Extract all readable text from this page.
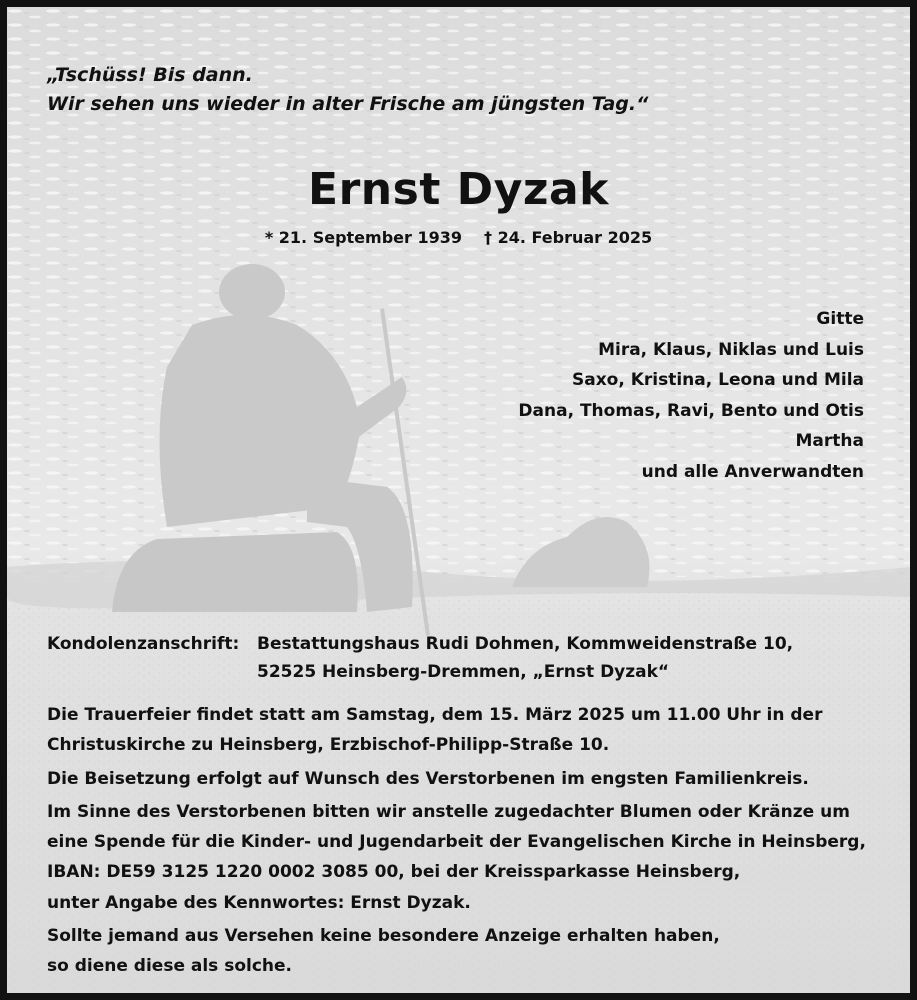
„Tschüss! Bis dann.
Wir sehen uns wieder in alter Frische am jüngsten Tag.“
Ernst Dyzak
* 21. September 1939 † 24. Februar 2025
Gitte
Mira, Klaus, Niklas und Luis
Saxo, Kristina, Leona und Mila
Dana, Thomas, Ravi, Bento und Otis
Martha
und alle Anverwandten
Kondolenzanschrift: Bestattungshaus Rudi Dohmen, Kommweidenstraße 10,
52525 Heinsberg-Dremmen, „Ernst Dyzak“
Die Trauerfeier findet statt am Samstag, dem 15. März 2025 um 11.00 Uhr in der
Christuskirche zu Heinsberg, Erzbischof-Philipp-Straße 10.
Die Beisetzung erfolgt auf Wunsch des Verstorbenen im engsten Familienkreis.
Im Sinne des Verstorbenen bitten wir anstelle zugedachter Blumen oder Kränze um
eine Spende für die Kinder- und Jugendarbeit der Evangelischen Kirche in Heinsberg,
IBAN: DE59 3125 1220 0002 3085 00, bei der Kreissparkasse Heinsberg,
unter Angabe des Kennwortes: Ernst Dyzak.
Sollte jemand aus Versehen keine besondere Anzeige erhalten haben,
so diene diese als solche.
